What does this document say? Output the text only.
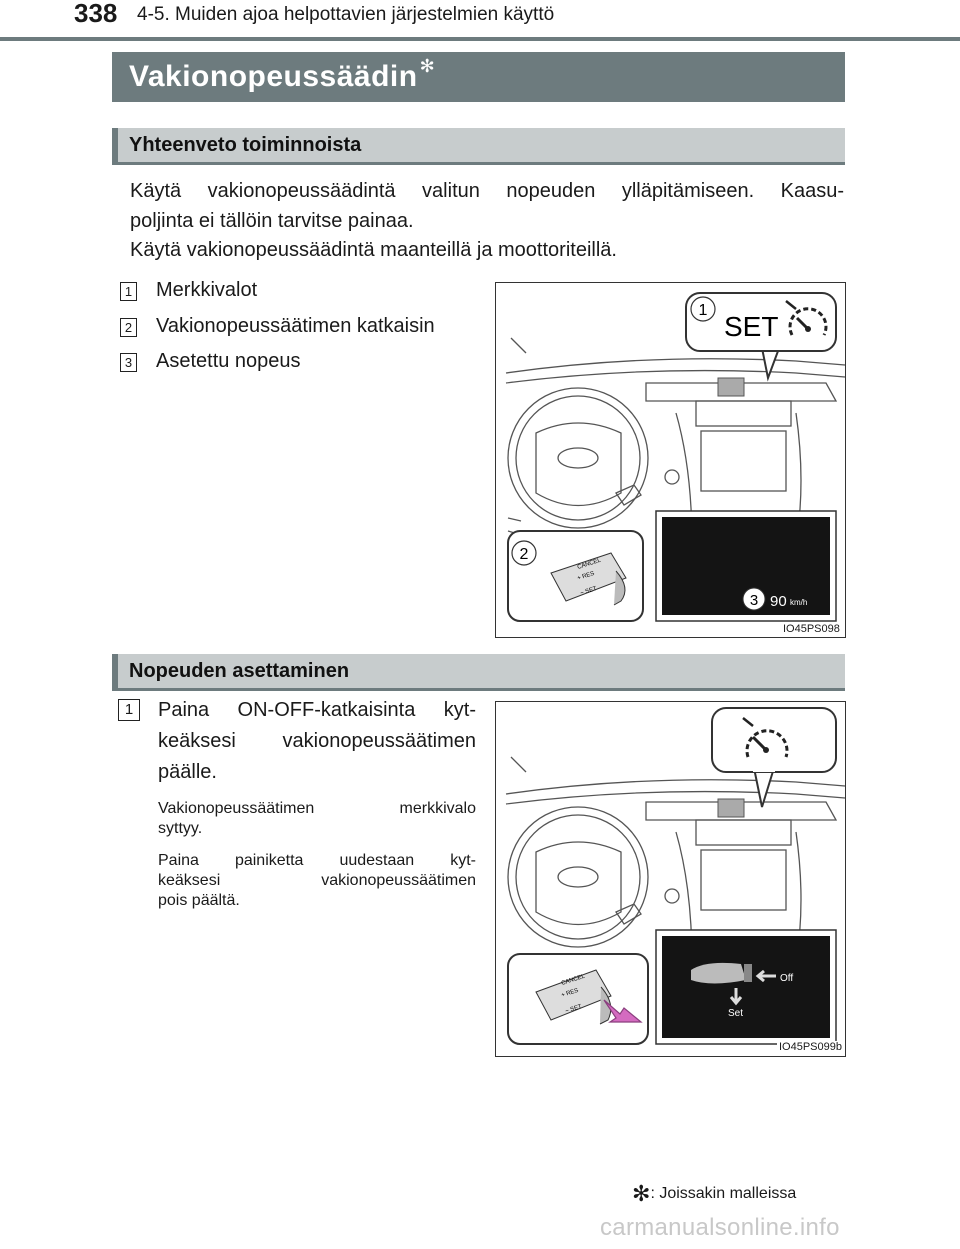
338 4-5. Muiden ajoa helpottavien järjestelmien käyttö
Vakionopeussäädin ✻
Yhteenveto toiminnoista
Käytä vakionopeussäädintä valitun nopeuden ylläpitämiseen. Kaasu-
poljinta ei tällöin tarvitse painaa.
Käytä vakionopeussäädintä maanteillä ja moottoriteillä.
1 Merkkivalot
2 Vakionopeussäätimen katkaisin
3 Asetettu nopeus
1
SET
2
CANCEL
+ RES
− SET
3 90 km/h
IO45PS098
Nopeuden asettaminen
1	Paina ON-OFF-katkaisinta kyt-
keäksesi vakionopeussäätimen
päälle.
Vakionopeussäätimen merkkivalo
syttyy.
Paina painiketta uudestaan kyt-
keäksesi vakionopeussäätimen
pois päältä.
CANCEL
+ RES
− SET
Off
Set
IO45PS099b
✻: Joissakin malleissa
carmanualsonline.info
